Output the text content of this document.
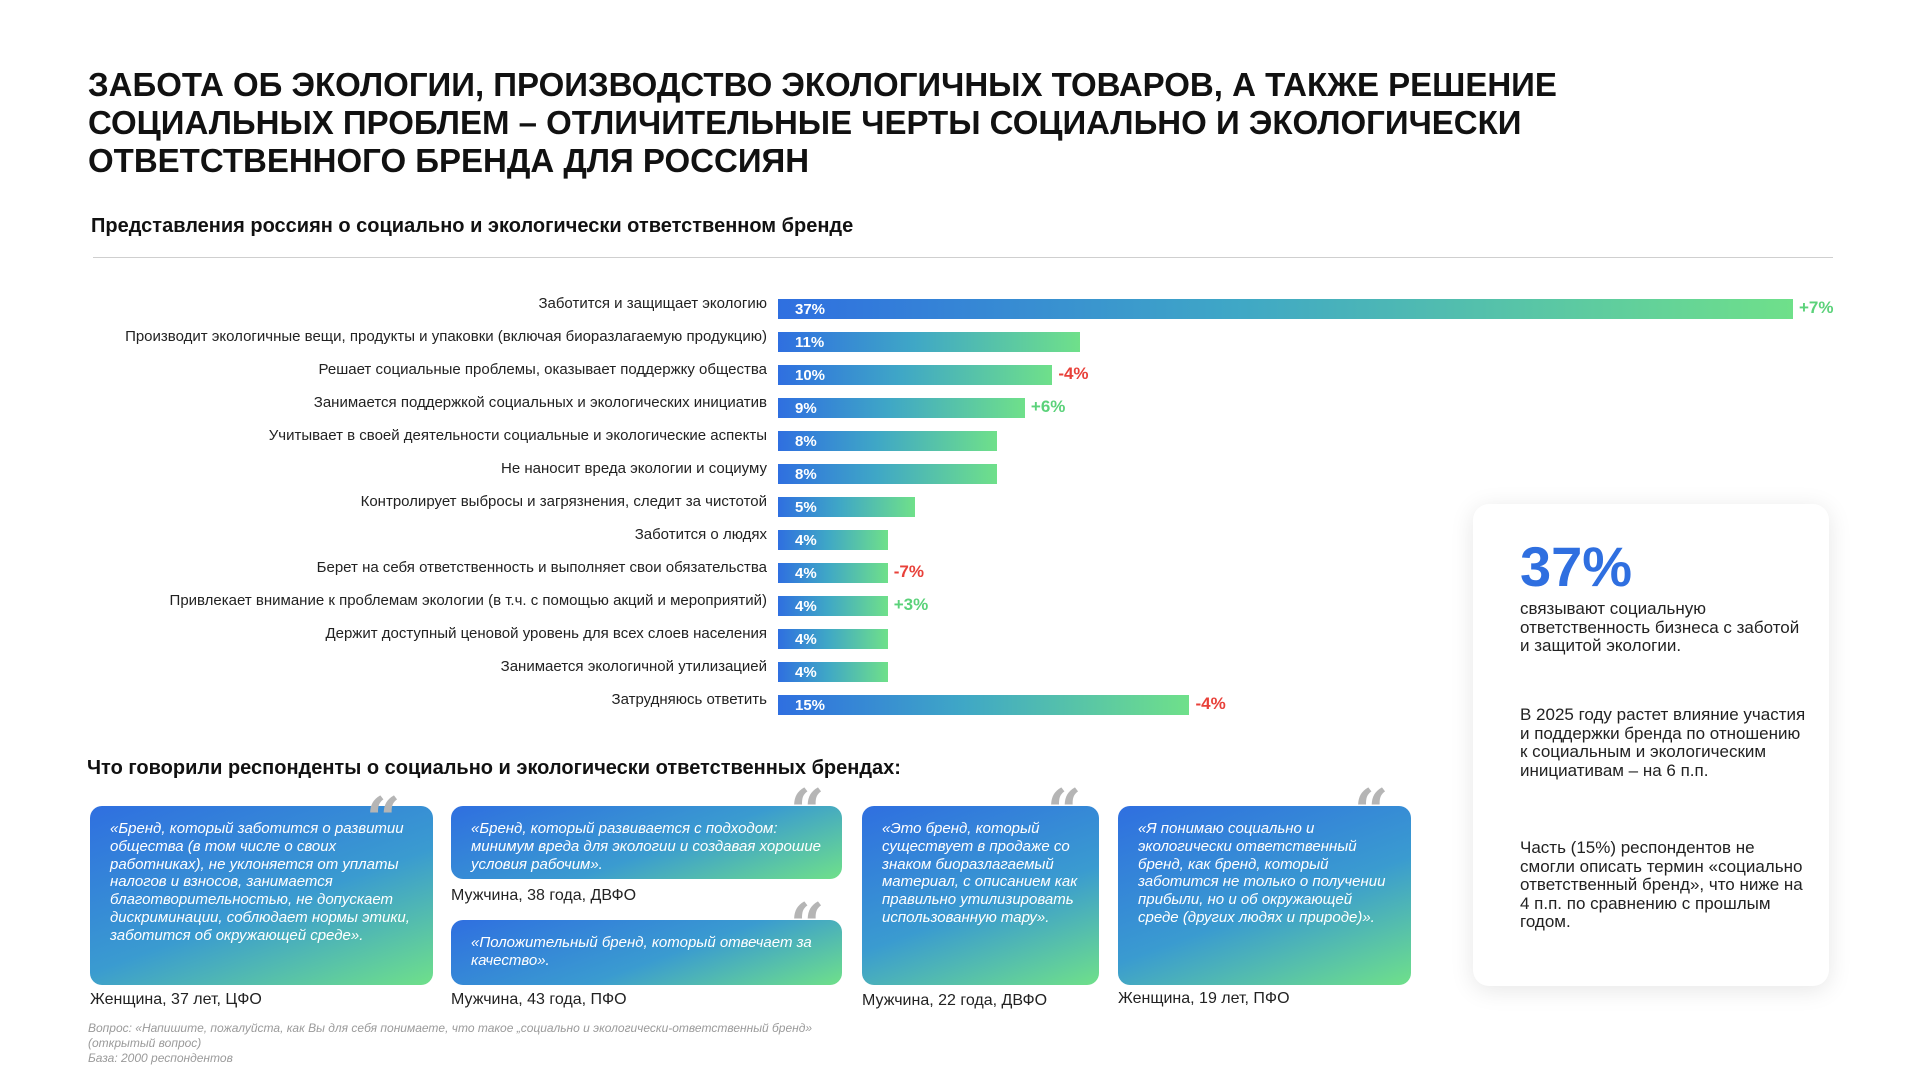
ЗАБОТА ОБ ЭКОЛОГИИ, ПРОИЗВОДСТВО ЭКОЛОГИЧНЫХ ТОВАРОВ, А ТАКЖЕ РЕШЕНИЕ СОЦИАЛЬНЫХ ПРОБЛЕМ – ОТЛИЧИТЕЛЬНЫЕ ЧЕРТЫ СОЦИАЛЬНО И ЭКОЛОГИЧЕСКИ ОТВЕТСТВЕННОГО БРЕНДА ДЛЯ РОССИЯН
Представления россиян о социально и экологически ответственном бренде
Заботится и защищает экологию 37%	+7%
Производит экологичные вещи, продукты и упаковки (включая биоразлагаемую продукцию) 11%
Решает социальные проблемы, оказывает поддержку общества 10%	-4%
Занимается поддержкой социальных и экологических инициатив 9%	+6%
Учитывает в своей деятельности социальные и экологические аспекты 8%
Не наносит вреда экологии и социуму 8%
Контролирует выбросы и загрязнения, следит за чистотой 5%
Заботится о людях 4%
Берет на себя ответственность и выполняет свои обязательства 4%	-7%
Привлекает внимание к проблемам экологии (в т.ч. с помощью акций и мероприятий) 4%	+3%
Держит доступный ценовой уровень для всех слоев населения 4%
Занимается экологичной утилизацией 4%
Затрудняюсь ответить 15%	-4%
37%
связывают социальную ответственность бизнеса с заботой и защитой экологии.
В 2025 году растет влияние участия и поддержки бренда по отношению к социальным и экологическим инициативам – на 6 п.п.
Часть (15%) респондентов не смогли описать термин «социально ответственный бренд», что ниже на 4 п.п. по сравнению с прошлым годом.
Что говорили респонденты о социально и экологически ответственных брендах:
«Бренд, который заботится о развитии общества (в том числе о своих работниках), не уклоняется от уплаты налогов и взносов, занимается благотворительностью, не допускает дискриминации, соблюдает нормы этики, заботится об окружающей среде».
“
Женщина, 37 лет, ЦФО
«Бренд, который развивается с подходом: минимум вреда для экологии и создавая хорошие условия рабочим».
“
Мужчина, 38 года, ДВФО
«Положительный бренд, который отвечает за качество».	“
Мужчина, 43 года, ПФО
«Это бренд, который существует в продаже со знаком биоразлагаемый материал, с описанием как правильно утилизировать использованную тару».
“
Мужчина, 22 года, ДВФО
«Я понимаю социально и экологически ответственный бренд, как бренд, который заботится не только о получении прибыли, но и об окружающей среде (других людях и природе)».
“
Женщина, 19 лет, ПФО
Вопрос: «Напишите, пожалуйста, как Вы для себя понимаете, что такое „социально и экологически-ответственный бренд»
(открытый вопрос)
База: 2000 респондентов
